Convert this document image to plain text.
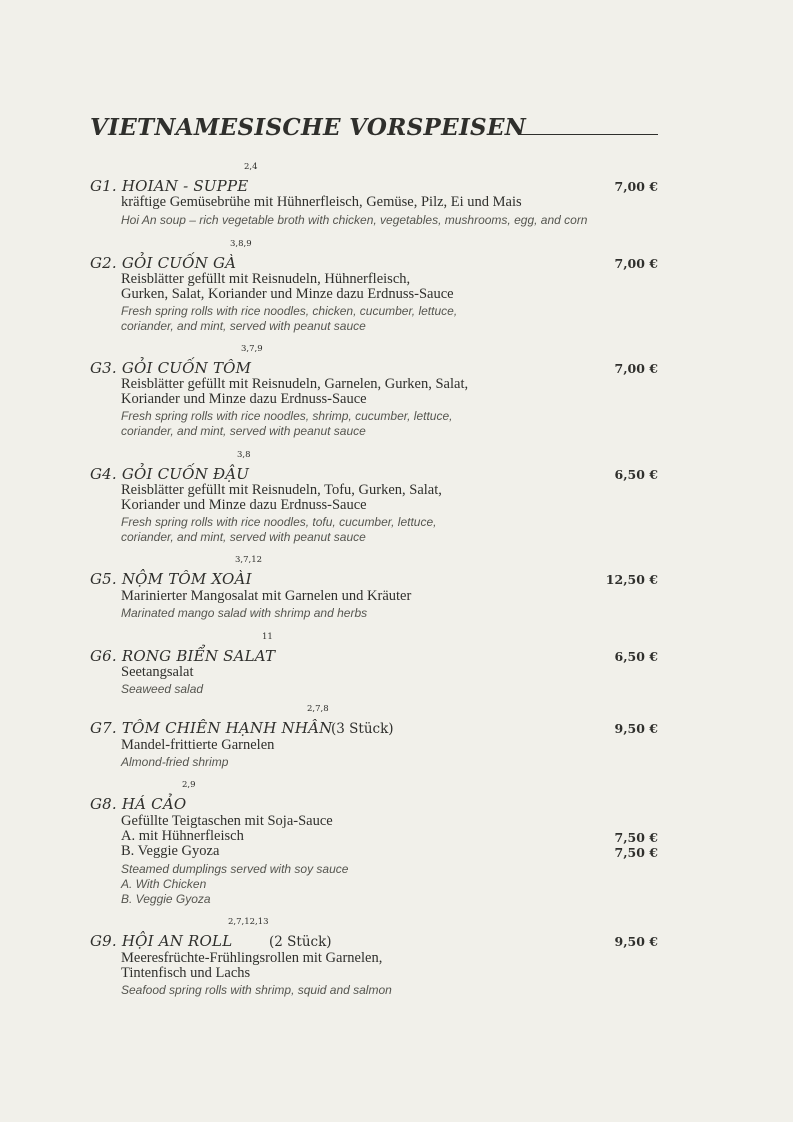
VIETNAMESISCHE VORSPEISEN
G1. HOIAN - SUPPE
2,4
7,00 €
kräftige Gemüsebrühe mit Hühnerfleisch, Gemüse, Pilz, Ei und Mais
Hoi An soup – rich vegetable broth with chicken, vegetables, mushrooms, egg, and corn
G2. GỎI CUỐN GÀ
3,8,9
7,00 €
Reisblätter gefüllt mit Reisnudeln, Hühnerfleisch,
Gurken, Salat, Koriander und Minze dazu Erdnuss-Sauce
Fresh spring rolls with rice noodles, chicken, cucumber, lettuce,
coriander, and mint, served with peanut sauce
G3. GỎI CUỐN TÔM
3,7,9
7,00 €
Reisblätter gefüllt mit Reisnudeln, Garnelen, Gurken, Salat,
Koriander und Minze dazu Erdnuss-Sauce
Fresh spring rolls with rice noodles, shrimp, cucumber, lettuce,
coriander, and mint, served with peanut sauce
G4. GỎI CUỐN ĐẬU
3,8
6,50 €
Reisblätter gefüllt mit Reisnudeln, Tofu, Gurken, Salat,
Koriander und Minze dazu Erdnuss-Sauce
Fresh spring rolls with rice noodles, tofu, cucumber, lettuce,
coriander, and mint, served with peanut sauce
G5. NỘM TÔM XOÀI
3,7,12
12,50 €
Marinierter Mangosalat mit Garnelen und Kräuter
Marinated mango salad with shrimp and herbs
G6. RONG BIỂN SALAT
11
6,50 €
Seetangsalat
Seaweed salad
G7. TÔM CHIÊN HẠNH NHÂN
2,7,8
(3 Stück)	9,50 €
Mandel-frittierte Garnelen
Almond-fried shrimp
G8. HÁ CẢO
2,9
Gefüllte Teigtaschen mit Soja-Sauce
A. mit Hühnerfleisch	7,50 €
B. Veggie Gyoza	7,50 €
Steamed dumplings served with soy sauce
A. With Chicken
B. Veggie Gyoza
G9. HỘI AN ROLL
2,7,12,13
(2 Stück)	9,50 €
Meeresfrüchte-Frühlingsrollen mit Garnelen,
Tintenfisch und Lachs
Seafood spring rolls with shrimp, squid and salmon
